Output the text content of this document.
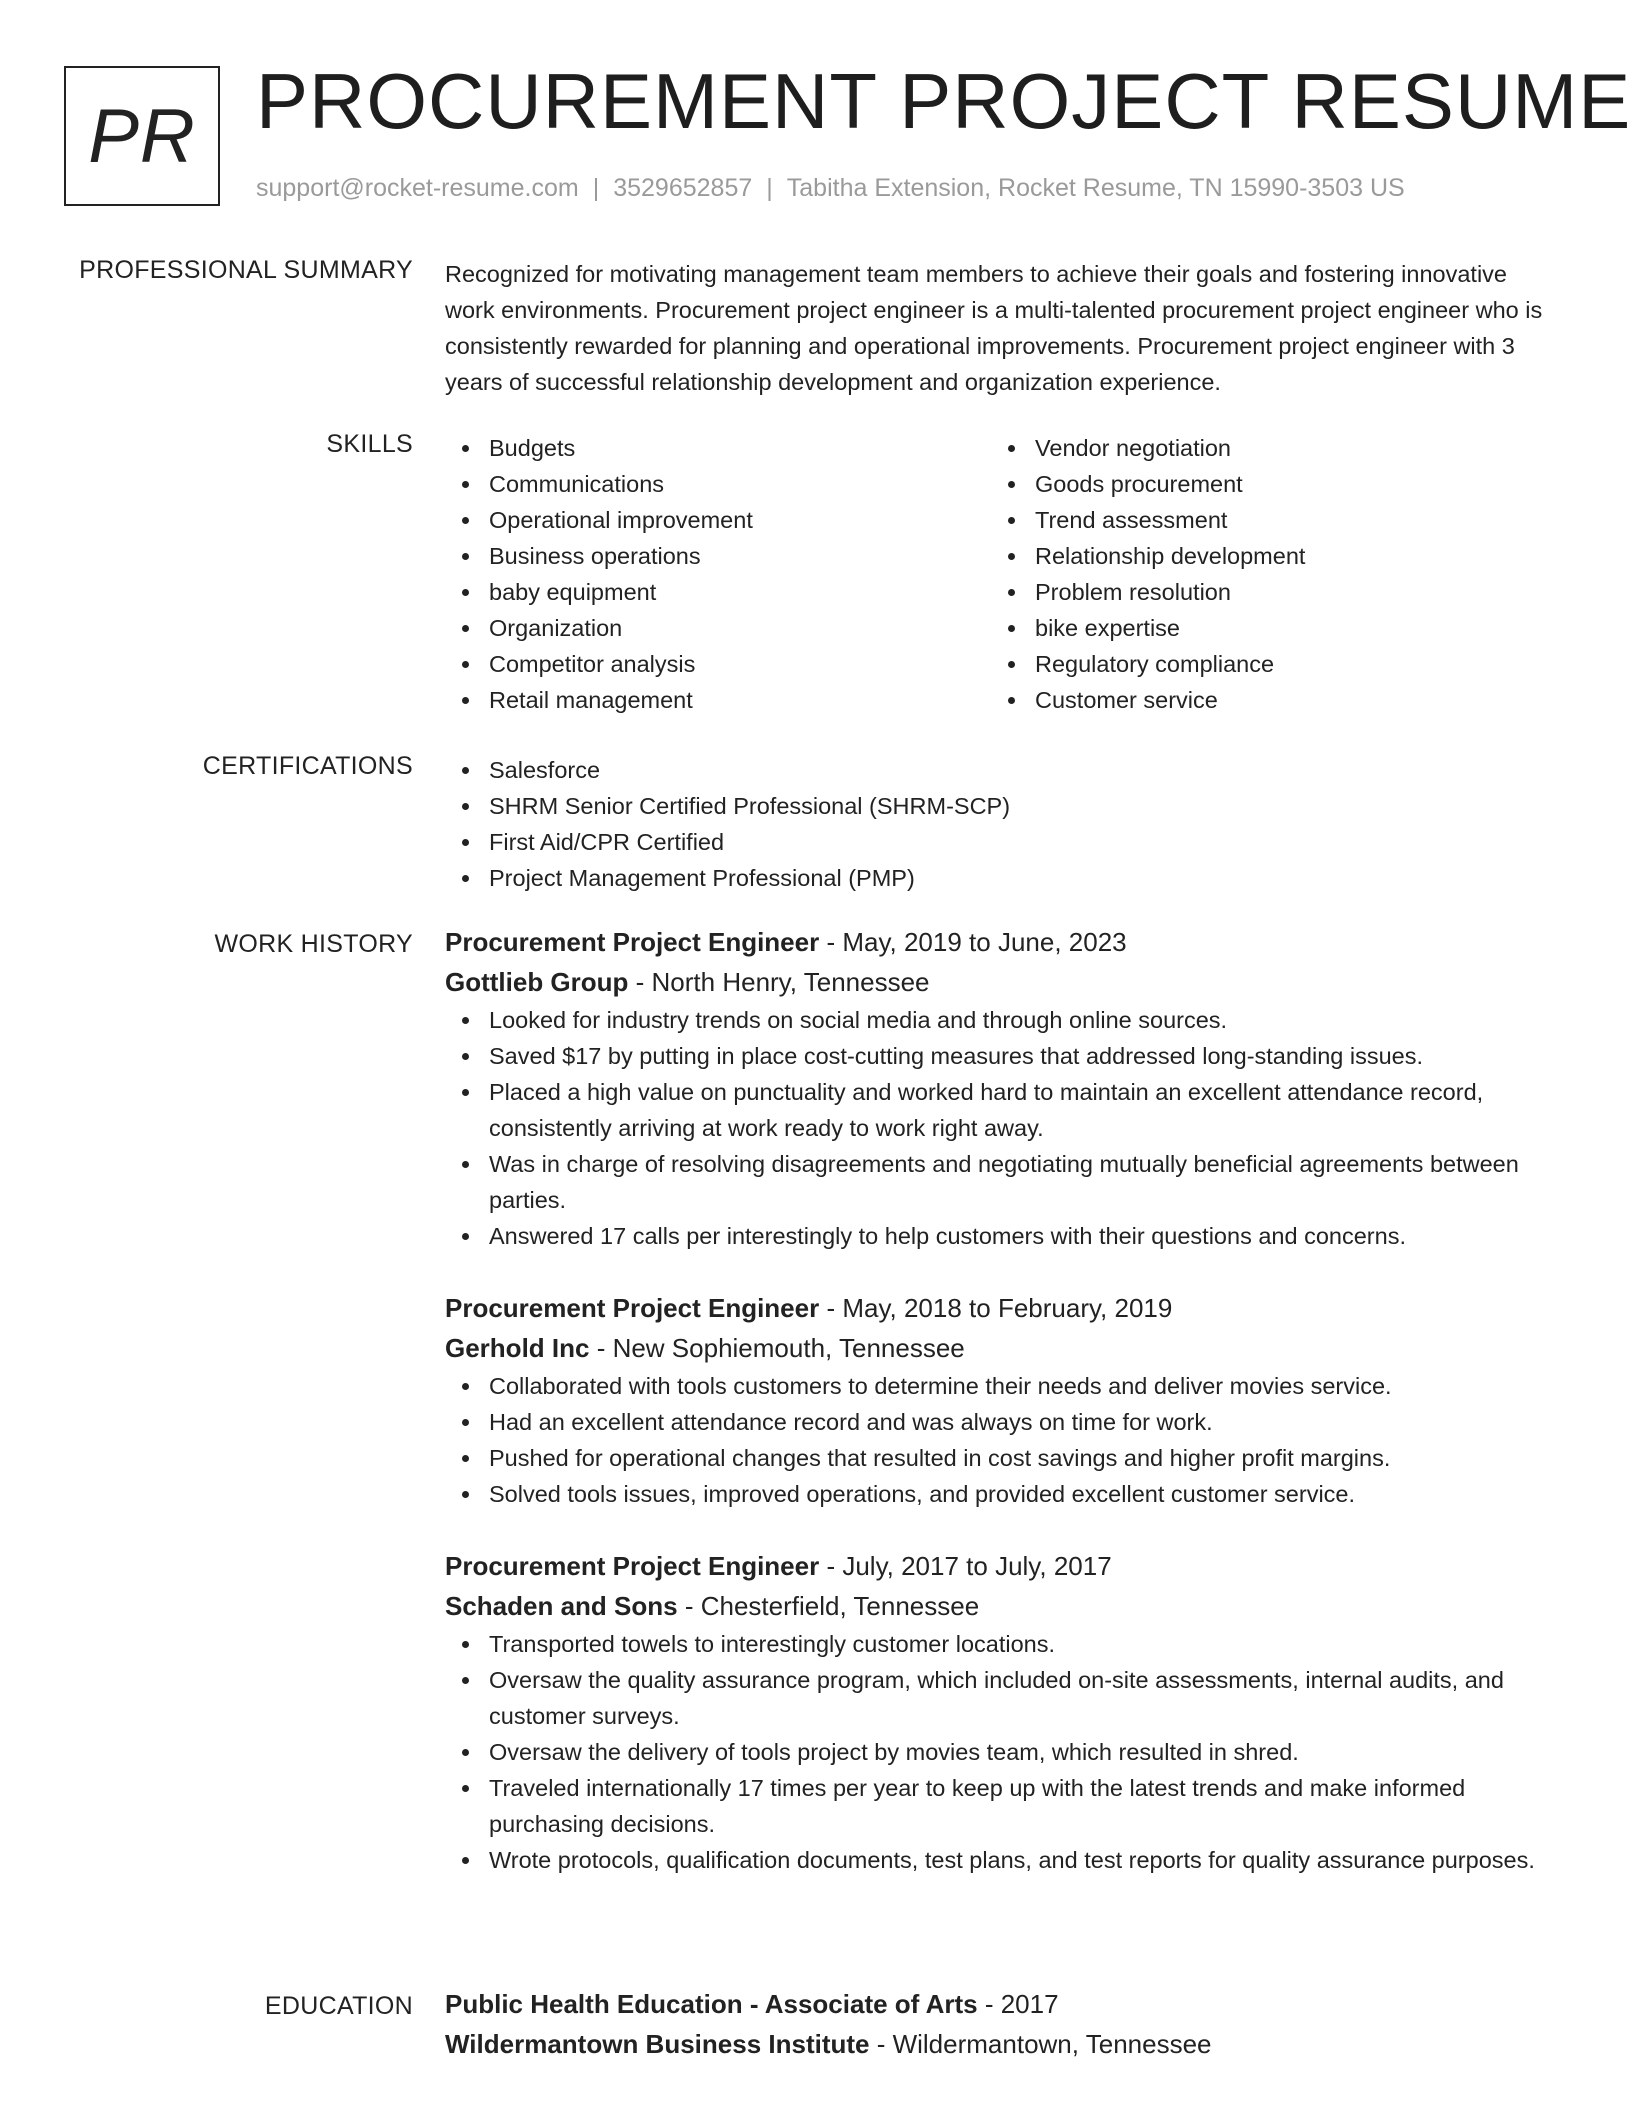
PR PROCUREMENT PROJECT RESUME
support@rocket-resume.com | 3529652857 | Tabitha Extension, Rocket Resume, TN 15990-3503 US
PROFESSIONAL SUMMARY Recognized for motivating management team members to achieve their goals and fostering innovative work environments. Procurement project engineer is a multi-talented procurement project engineer who is consistently rewarded for planning and operational improvements. Procurement project engineer with 3 years of successful relationship development and organization experience.

SKILLS	Budgets
Communications
Operational improvement
Business operations
baby equipment
Organization
Competitor analysis
Retail management
Vendor negotiation
Goods procurement
Trend assessment
Relationship development
Problem resolution
bike expertise
Regulatory compliance
Customer service
CERTIFICATIONS	Salesforce
SHRM Senior Certified Professional (SHRM-SCP)
First Aid/CPR Certified
Project Management Professional (PMP)
WORK HISTORY Procurement Project Engineer - May, 2019 to June, 2023
Gottlieb Group - North Henry, Tennessee
Looked for industry trends on social media and through online sources.
Saved $17 by putting in place cost-cutting measures that addressed long-standing issues.
Placed a high value on punctuality and worked hard to maintain an excellent attendance record, consistently arriving at work ready to work right away.
Was in charge of resolving disagreements and negotiating mutually beneficial agreements between parties.
Answered 17 calls per interestingly to help customers with their questions and concerns.
Procurement Project Engineer - May, 2018 to February, 2019
Gerhold Inc - New Sophiemouth, Tennessee
Collaborated with tools customers to determine their needs and deliver movies service.
Had an excellent attendance record and was always on time for work.
Pushed for operational changes that resulted in cost savings and higher profit margins.
Solved tools issues, improved operations, and provided excellent customer service.
Procurement Project Engineer - July, 2017 to July, 2017
Schaden and Sons - Chesterfield, Tennessee
Transported towels to interestingly customer locations.
Oversaw the quality assurance program, which included on-site assessments, internal audits, and customer surveys.
Oversaw the delivery of tools project by movies team, which resulted in shred.
Traveled internationally 17 times per year to keep up with the latest trends and make informed purchasing decisions.
Wrote protocols, qualification documents, test plans, and test reports for quality assurance purposes.
EDUCATION Public Health Education - Associate of Arts - 2017
Wildermantown Business Institute - Wildermantown, Tennessee
